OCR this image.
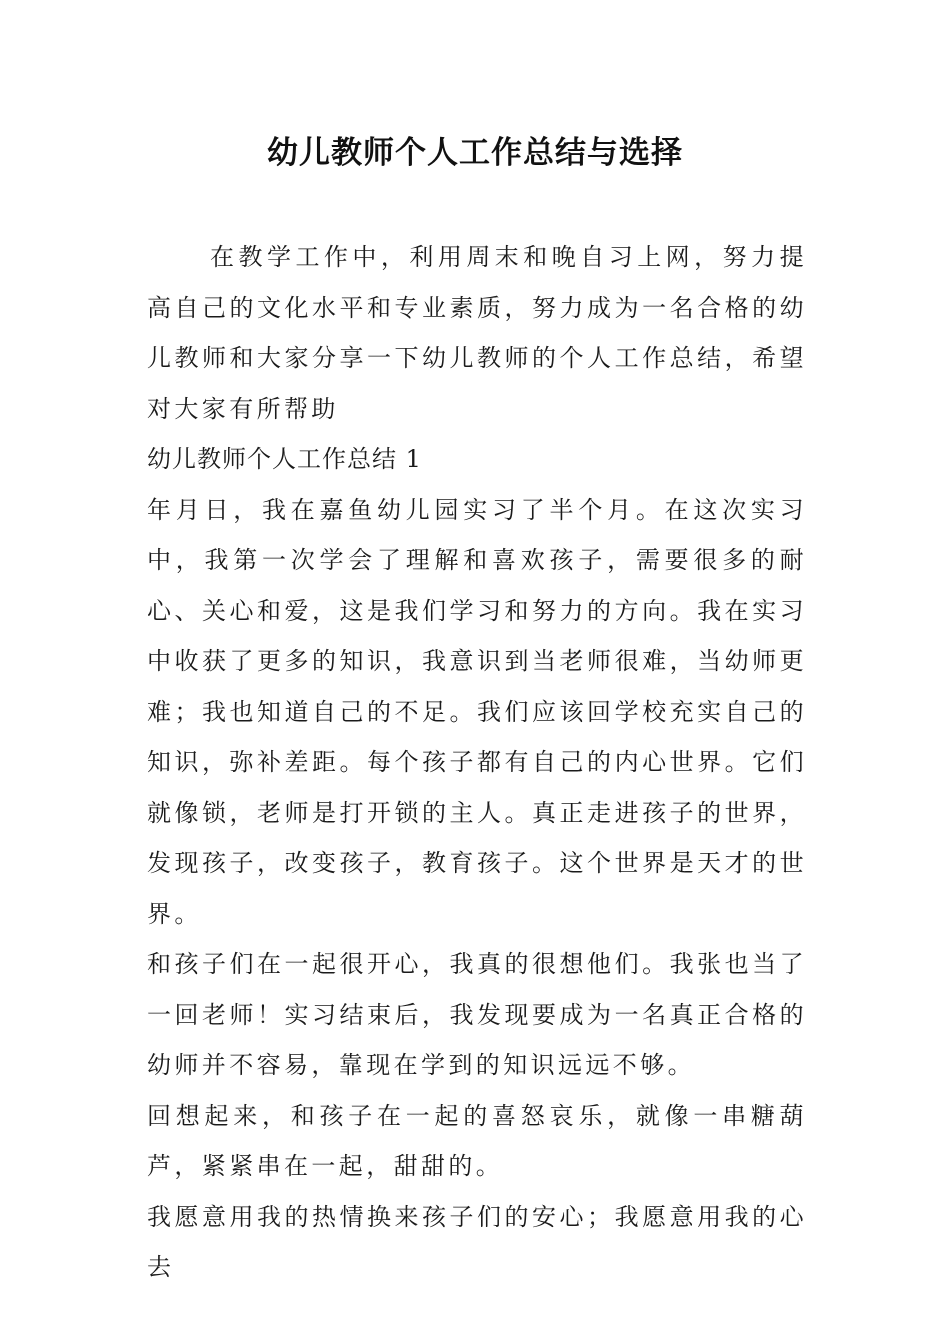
幼儿教师个人工作总结与选择

在教学工作中，利用周末和晚自习上网，努力提高自己的文化水平和专业素质，努力成为一名合格的幼儿教师和大家分享一下幼儿教师的个人工作总结，希望对大家有所帮助

幼儿教师个人工作总结 1

年月日，我在嘉鱼幼儿园实习了半个月。在这次实习中，我第一次学会了理解和喜欢孩子，需要很多的耐心、关心和爱，这是我们学习和努力的方向。我在实习中收获了更多的知识，我意识到当老师很难，当幼师更难；我也知道自己的不足。我们应该回学校充实自己的知识，弥补差距。每个孩子都有自己的内心世界。它们就像锁，老师是打开锁的主人。真正走进孩子的世界，发现孩子，改变孩子，教育孩子。这个世界是天才的世界。

和孩子们在一起很开心，我真的很想他们。我张也当了一回老师！实习结束后，我发现要成为一名真正合格的幼师并不容易，靠现在学到的知识远远不够。

回想起来，和孩子在一起的喜怒哀乐，就像一串糖葫芦，紧紧串在一起，甜甜的。

我愿意用我的热情换来孩子们的安心；我愿意用我的心去
